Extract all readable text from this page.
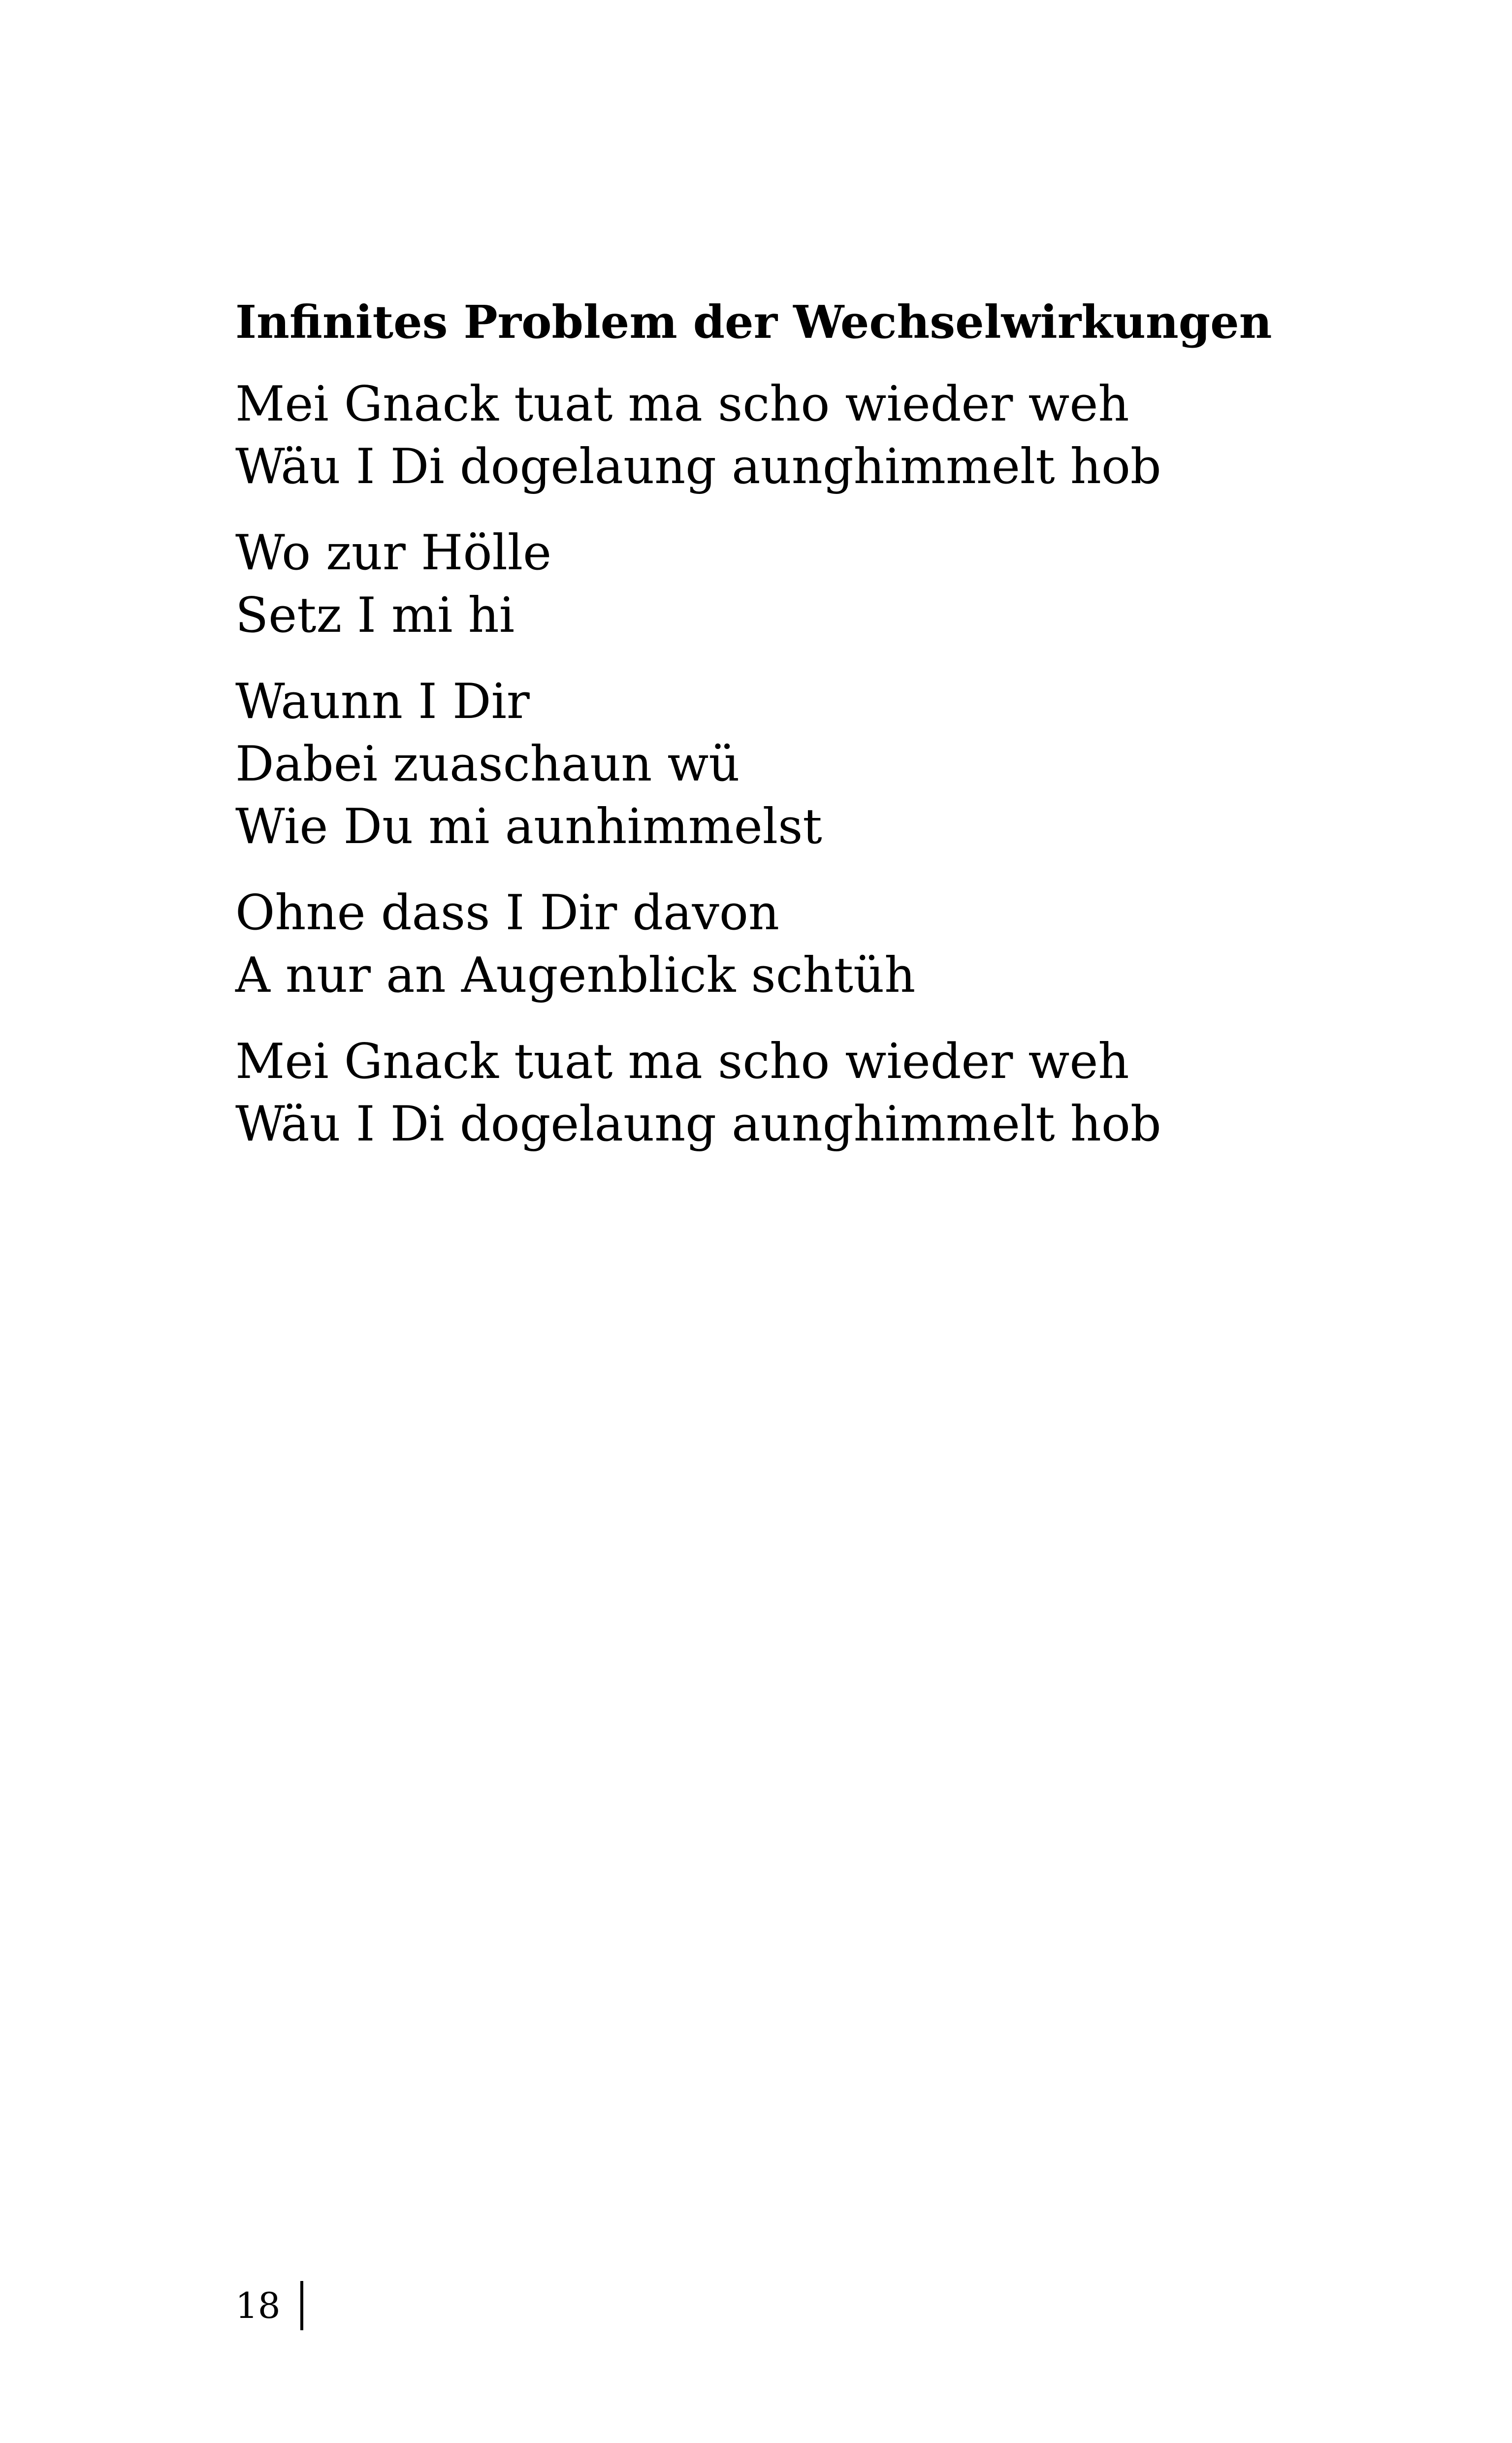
Infinites Problem der Wechselwirkungen
Mei Gnack tuat ma scho wieder weh
Wäu I Di dogelaung aunghimmelt hob
Wo zur Hölle
Setz I mi hi
Waunn I Dir
Dabei zuaschaun wü
Wie Du mi aunhimmelst
Ohne dass I Dir davon
A nur an Augenblick schtüh
Mei Gnack tuat ma scho wieder weh
Wäu I Di dogelaung aunghimmelt hob
18
